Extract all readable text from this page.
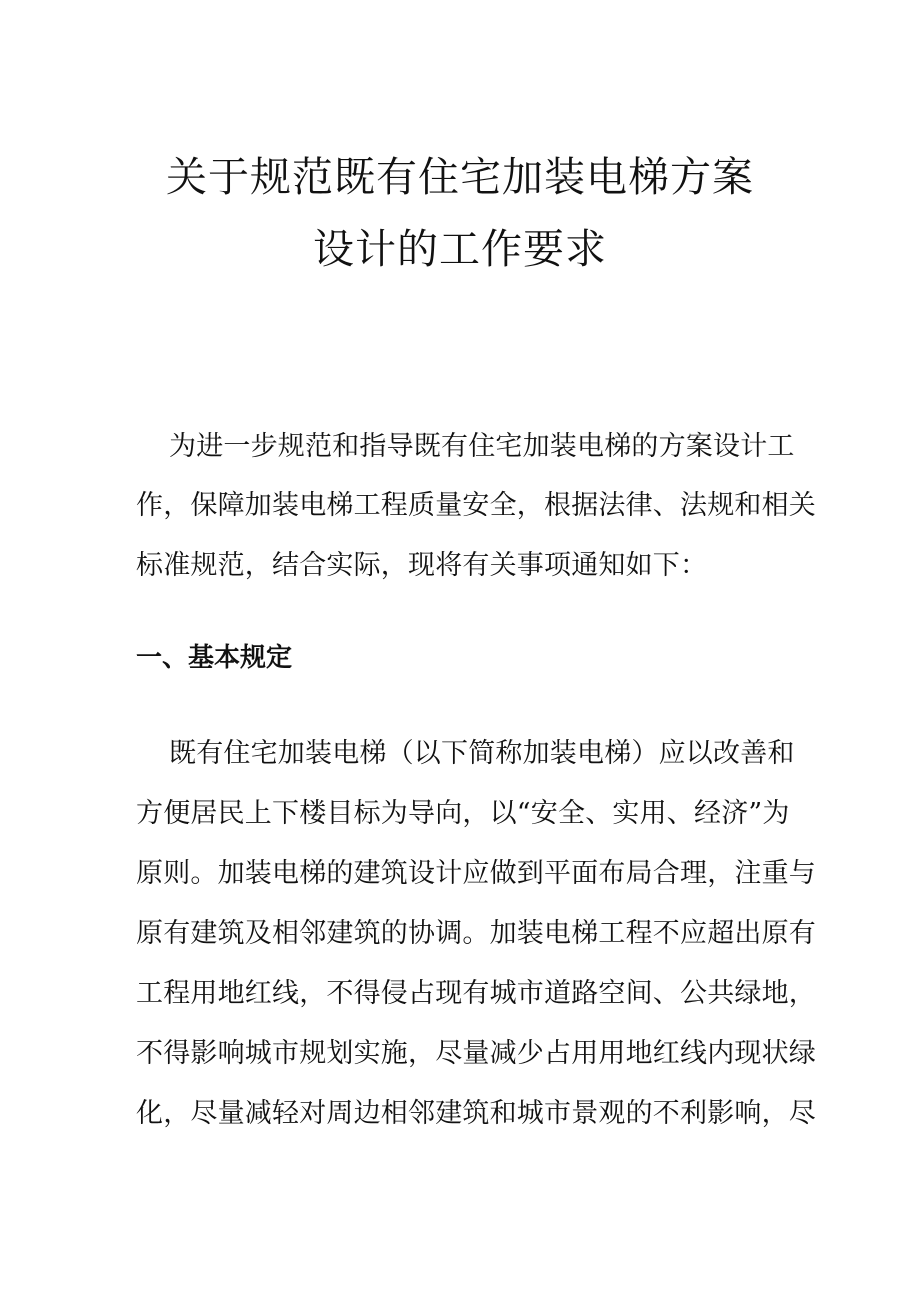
关于规范既有住宅加装电梯方案
设计的工作要求
为进一步规范和指导既有住宅加装电梯的方案设计工
作，保障加装电梯工程质量安全，根据法律、法规和相关
标准规范，结合实际，现将有关事项通知如下：
一、基本规定
既有住宅加装电梯（以下简称加装电梯）应以改善和
方便居民上下楼目标为导向，以“安全、实用、经济”为
原则。加装电梯的建筑设计应做到平面布局合理，注重与
原有建筑及相邻建筑的协调。加装电梯工程不应超出原有
工程用地红线，不得侵占现有城市道路空间、公共绿地，
不得影响城市规划实施，尽量减少占用用地红线内现状绿
化，尽量减轻对周边相邻建筑和城市景观的不利影响，尽
